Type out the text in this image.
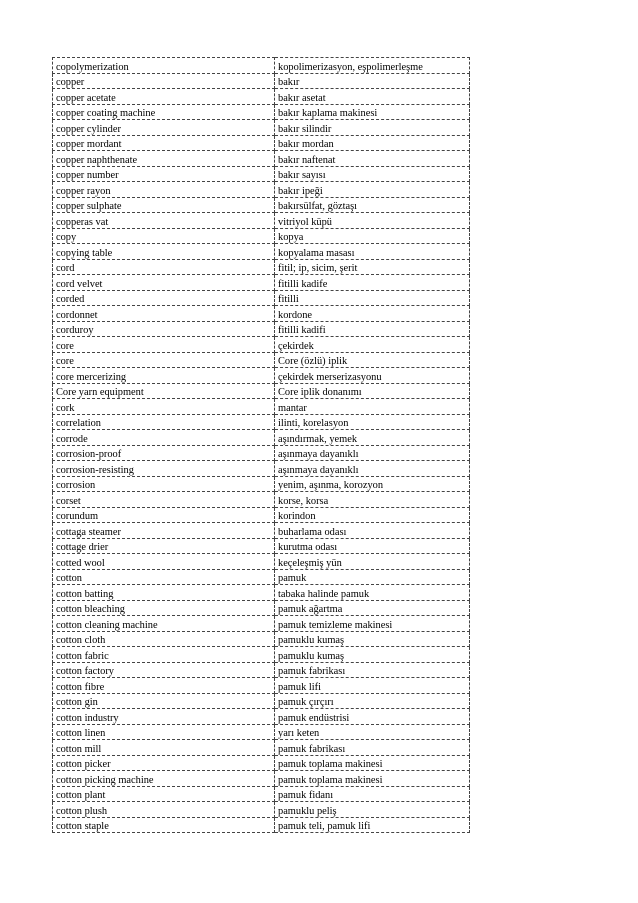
copolymerization	kopolimerizasyon, eşpolimerleşme
copper	bakır
copper acetate	bakır asetat
copper coating machine	bakır kaplama makinesi
copper cylinder	bakır silindir
copper mordant	bakır mordan
copper naphthenate	bakır naftenat
copper number	bakır sayısı
copper rayon	bakır ipeği
copper sulphate	bakırsülfat, göztaşı
copperas vat	vitriyol küpü
copy	kopya
copying table	kopyalama masası
cord	fitil; ip, sicim, şerit
cord velvet	fitilli kadife
corded	fitilli
cordonnet	kordone
corduroy	fitilli kadifi
core	çekirdek
core	Core (özlü) iplik
core mercerizing	çekirdek merserizasyonu
Core yarn equipment	Core iplik donanımı
cork	mantar
correlation	ilinti, korelasyon
corrode	aşındırmak, yemek
corrosion-proof	aşınmaya dayanıklı
corrosion-resisting	aşınmaya dayanıklı
corrosion	yenim, aşınma, korozyon
corset	korse, korsa
corundum	korindon
cottaga steamer	buharlama odası
cottage drier	kurutma odası
cotted wool	keçeleşmiş yün
cotton	pamuk
cotton batting	tabaka halinde pamuk
cotton bleaching	pamuk ağartma
cotton cleaning machine	pamuk temizleme makinesi
cotton cloth	pamuklu kumaş
cotton fabric	pamuklu kumaş
cotton factory	pamuk fabrikası
cotton fibre	pamuk lifi
cotton gin	pamuk çırçırı
cotton industry	pamuk endüstrisi
cotton linen	yarı keten
cotton mill	pamuk fabrikası
cotton picker	pamuk toplama makinesi
cotton picking machine	pamuk toplama makinesi
cotton plant	pamuk fidanı
cotton plush	pamuklu peliş
cotton staple	pamuk teli, pamuk lifi
